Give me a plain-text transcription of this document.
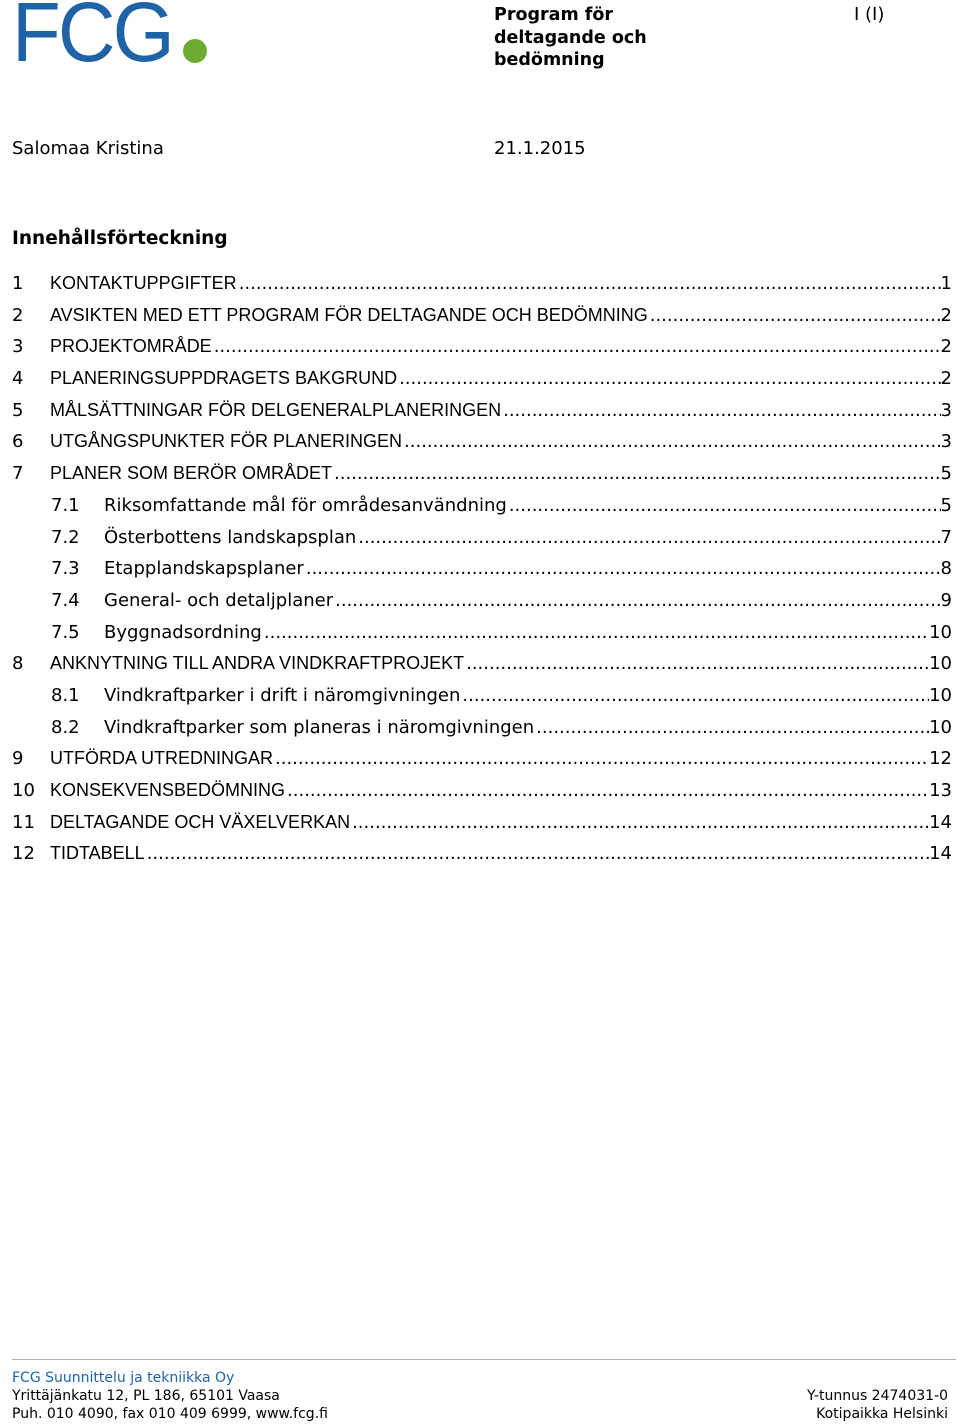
FCG	Program för
deltagande och
bedömning
I (I)
Salomaa Kristina	21.1.2015
Innehållsförteckning
1 KONTAKTUPPGIFTER .....	1
2 AVSIKTEN MED ETT PROGRAM FÖR DELTAGANDE OCH BEDÖMNING .....	2
3 PROJEKTOMRÅDE .....	2
4 PLANERINGSUPPDRAGETS BAKGRUND .....	2
5 MÅLSÄTTNINGAR FÖR DELGENERALPLANERINGEN .....	3
6 UTGÅNGSPUNKTER FÖR PLANERINGEN .....	3
7 PLANER SOM BERÖR OMRÅDET .....	5
7.1 Riksomfattande mål för områdesanvändning .....	5
7.2 Österbottens landskapsplan .....	7
7.3 Etapplandskapsplaner .....	8
7.4 General- och detaljplaner .....	9
7.5 Byggnadsordning .....	10
8 ANKNYTNING TILL ANDRA VINDKRAFTPROJEKT .....	10
8.1 Vindkraftparker i drift i näromgivningen .....	10
8.2 Vindkraftparker som planeras i näromgivningen .....	10
9 UTFÖRDA UTREDNINGAR .....	12
10 KONSEKVENSBEDÖMNING .....	13
11 DELTAGANDE OCH VÄXELVERKAN .....	14
12 TIDTABELL .....	14
FCG Suunnittelu ja tekniikka Oy
Yrittäjänkatu 12, PL 186, 65101 Vaasa	Y-tunnus 2474031-0
Puh. 010 4090, fax 010 409 6999, www.fcg.fi	Kotipaikka Helsinki
